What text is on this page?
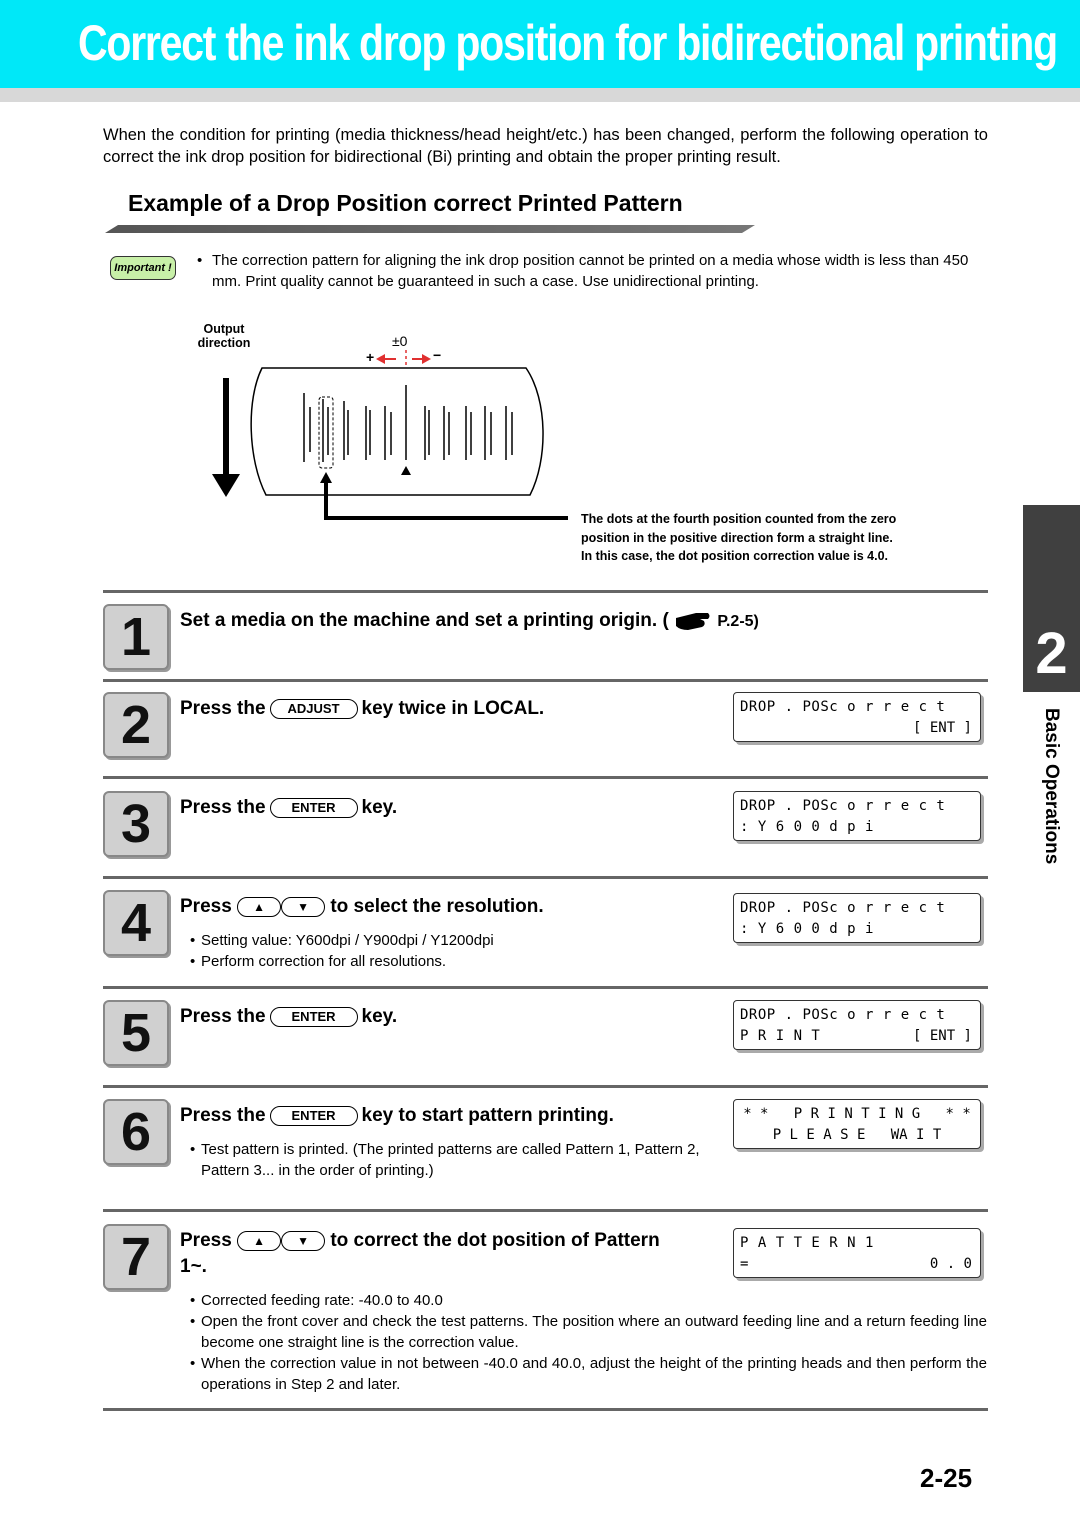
Correct the ink drop position for bidirectional printing
When the condition for printing (media thickness/head height/etc.) has been changed, perform the following operation to correct the ink drop position for bidirectional (Bi) printing and obtain the proper printing result.
Example of a Drop Position correct Printed Pattern
Important ! • The correction pattern for aligning the ink drop position cannot be printed on a media whose width is less than 450 mm. Print quality cannot be guaranteed in such a case. Use unidirectional printing.
Output
direction	±0
+	−
The dots at the fourth position counted from the zero
position in the positive direction form a straight line.
In this case, the dot position correction value is 4.0.
2
Basic Operations
1	Set a media on the machine and set a printing origin. (	P.2-5)
2	Press the ADJUST key twice in LOCAL.	DROP . POSc o r r e c t
[ ENT ]
3	Press the ENTER key.	DROP . POSc o r r e c t
: Y 6 0 0 d p i
4	Press ▲	▼ to select the resolution.
• Setting value: Y600dpi / Y900dpi / Y1200dpi
• Perform correction for all resolutions.
DROP . POSc o r r e c t
: Y 6 0 0 d p i
5	Press the ENTER key.	DROP . POSc o r r e c t
P R I N T	[ ENT ]
6	Press the ENTER key to start pattern printing.
• Test pattern is printed. (The printed patterns are called Pattern 1, Pattern 2, Pattern 3... in the order of printing.)
* *   P R I N T I N G   * *
P L E A S E   WA I T
7	Press ▲	▼ to correct the dot position of Pattern
1~.
P A T T E R N 1
=	0 . 0
• Corrected feeding rate: -40.0 to 40.0
• Open the front cover and check the test patterns. The position where an outward feeding line and a return feeding line become one straight line is the correction value.
• When the correction value in not between -40.0 and 40.0, adjust the height of the printing heads and then perform the operations in Step 2 and later.
2-25
